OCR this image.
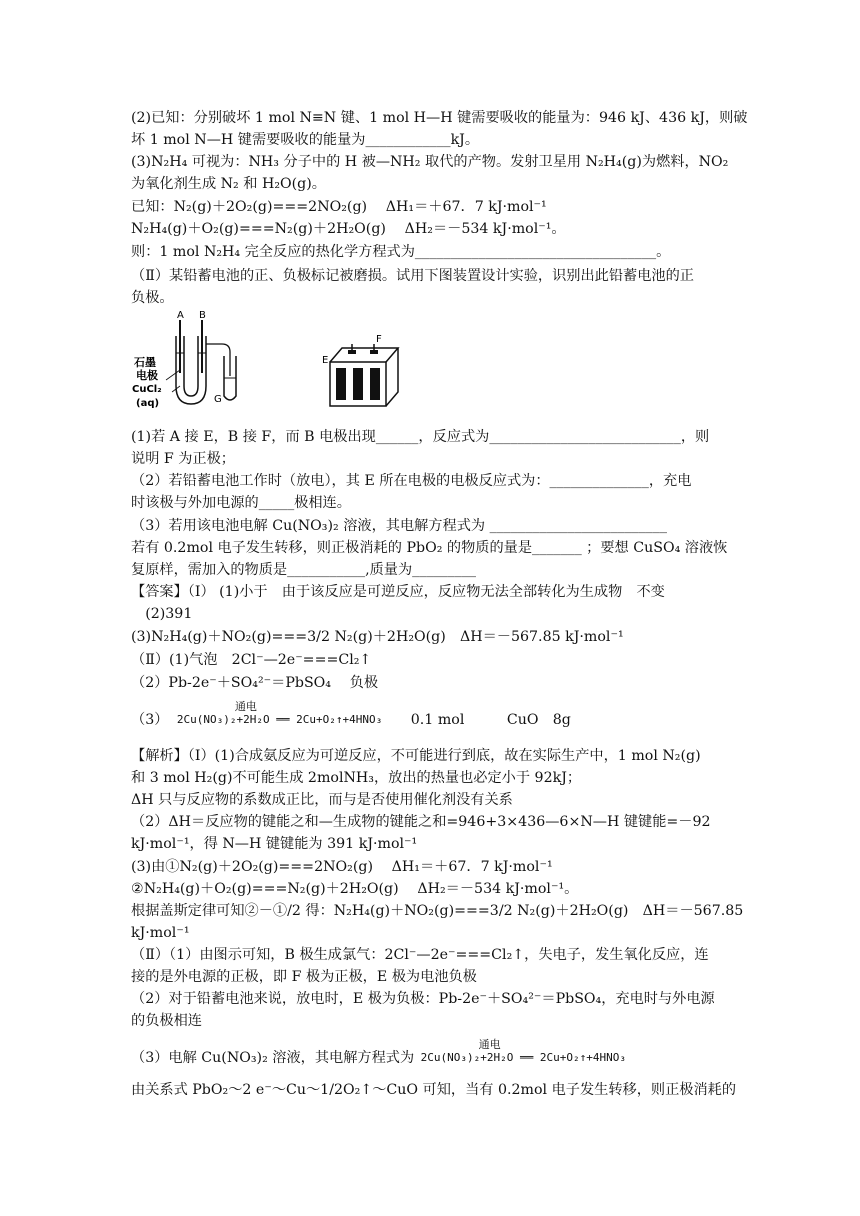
(2)已知：分别破坏 1 mol N≡N 键、1 mol H—H 键需要吸收的能量为：946 kJ、436 kJ，则破
坏 1 mol N—H 键需要吸收的能量为____________kJ。
(3)N₂H₄ 可视为：NH₃ 分子中的 H 被—NH₂ 取代的产物。发射卫星用 N₂H₄(g)为燃料，NO₂
为氧化剂生成 N₂ 和 H₂O(g)。
已知：N₂(g)＋2O₂(g)===2NO₂(g)　 ΔH₁＝＋67．7 kJ·mol⁻¹
N₂H₄(g)＋O₂(g)===N₂(g)＋2H₂O(g)　 ΔH₂＝－534 kJ·mol⁻¹。
则：1 mol N₂H₄ 完全反应的热化学方程式为__________________________________。
（Ⅱ）某铅蓄电池的正、负极标记被磨损。试用下图装置设计实验，识别出此铅蓄电池的正
负极。
A B
石墨
电极
CuCl₂
(aq)	G
E
F
(1)若 A 接 E，B 接 F，而 B 电极出现______，反应式为___________________________，则
说明 F 为正极；
（2）若铅蓄电池工作时（放电），其 E 所在电极的电极反应式为：______________，充电
时该极与外加电源的_____极相连。
（3）若用该电池电解 Cu(NO₃)₂ 溶液，其电解方程式为 _________________________
若有 0.2mol 电子发生转移，则正极消耗的 PbO₂ 的物质的量是_______ ；要想 CuSO₄ 溶液恢
复原样，需加入的物质是___________,质量为_________
【答案】（Ⅰ） (1)小于　由于该反应是可逆反应，反应物无法全部转化为生成物　不变
　(2)391
(3)N₂H₄(g)＋NO₂(g)===3/2 N₂(g)＋2H₂O(g)　ΔH＝－567.85 kJ·mol⁻¹
（Ⅱ）(1)气泡　2Cl⁻—2e⁻===Cl₂↑
（2）Pb-2e⁻＋SO₄²⁻＝PbSO₄　 负极
（3）
通电
2Cu(NO₃)₂+2H₂O ══ 2Cu+O₂↑+4HNO₃ 0.1 mol　　　CuO　8g
【解析】（Ⅰ）(1)合成氨反应为可逆反应，不可能进行到底，故在实际生产中，1 mol N₂(g)
和 3 mol H₂(g)不可能生成 2molNH₃，放出的热量也必定小于 92kJ；
ΔH 只与反应物的系数成正比，而与是否使用催化剂没有关系
（2）ΔH＝反应物的键能之和—生成物的键能之和=946+3×436—6×N—H 键键能=－92
kJ·mol⁻¹，得 N—H 键键能为 391 kJ·mol⁻¹
(3)由①N₂(g)＋2O₂(g)===2NO₂(g)　 ΔH₁＝＋67．7 kJ·mol⁻¹
②N₂H₄(g)＋O₂(g)===N₂(g)＋2H₂O(g)　 ΔH₂＝－534 kJ·mol⁻¹。
根据盖斯定律可知②－①/2 得：N₂H₄(g)＋NO₂(g)===3/2 N₂(g)＋2H₂O(g)　ΔH＝－567.85
kJ·mol⁻¹
（Ⅱ）（1）由图示可知，B 极生成氯气：2Cl⁻—2e⁻===Cl₂↑，失电子，发生氧化反应，连
接的是外电源的正极，即 F 极为正极，E 极为电池负极
（2）对于铅蓄电池来说，放电时，E 极为负极：Pb-2e⁻＋SO₄²⁻＝PbSO₄，充电时与外电源
的负极相连
（3）电解 Cu(NO₃)₂ 溶液，其电解方程式为
通电
2Cu(NO₃)₂+2H₂O ══ 2Cu+O₂↑+4HNO₃
由关系式 PbO₂～2 e⁻～Cu～1/2O₂↑～CuO 可知，当有 0.2mol 电子发生转移，则正极消耗的
